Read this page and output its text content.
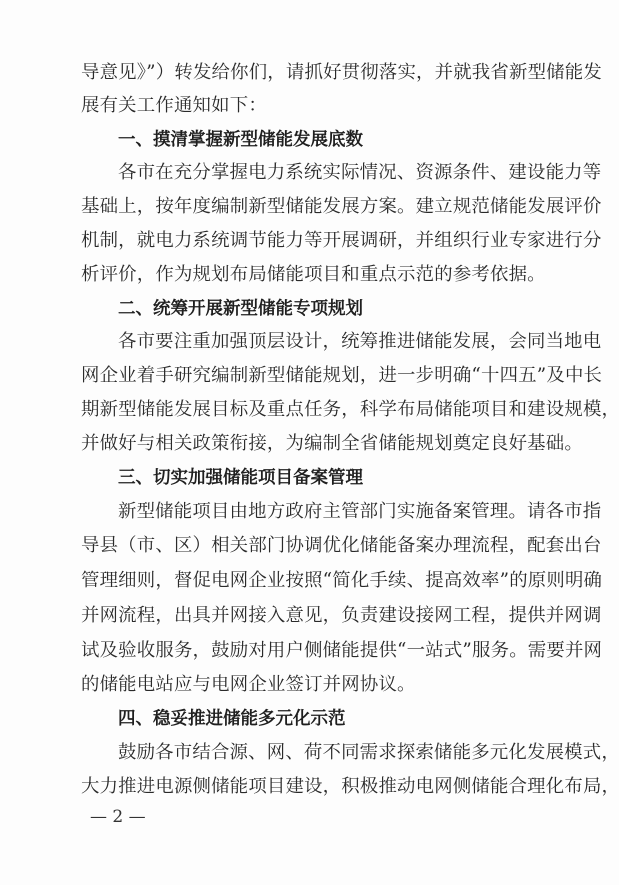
导意见》”）转发给你们，请抓好贯彻落实，并就我省新型储能发
展有关工作通知如下：
一、摸清掌握新型储能发展底数
各市在充分掌握电力系统实际情况、资源条件、建设能力等
基础上，按年度编制新型储能发展方案。建立规范储能发展评价
机制，就电力系统调节能力等开展调研，并组织行业专家进行分
析评价，作为规划布局储能项目和重点示范的参考依据。
二、统筹开展新型储能专项规划
各市要注重加强顶层设计，统筹推进储能发展，会同当地电
网企业着手研究编制新型储能规划，进一步明确“十四五”及中长
期新型储能发展目标及重点任务，科学布局储能项目和建设规模，
并做好与相关政策衔接，为编制全省储能规划奠定良好基础。
三、切实加强储能项目备案管理
新型储能项目由地方政府主管部门实施备案管理。请各市指
导县（市、区）相关部门协调优化储能备案办理流程，配套出台
管理细则，督促电网企业按照“简化手续、提高效率”的原则明确
并网流程，出具并网接入意见，负责建设接网工程，提供并网调
试及验收服务，鼓励对用户侧储能提供“一站式”服务。需要并网
的储能电站应与电网企业签订并网协议。
四、稳妥推进储能多元化示范
鼓励各市结合源、网、荷不同需求探索储能多元化发展模式，
大力推进电源侧储能项目建设，积极推动电网侧储能合理化布局，
— 2 —
